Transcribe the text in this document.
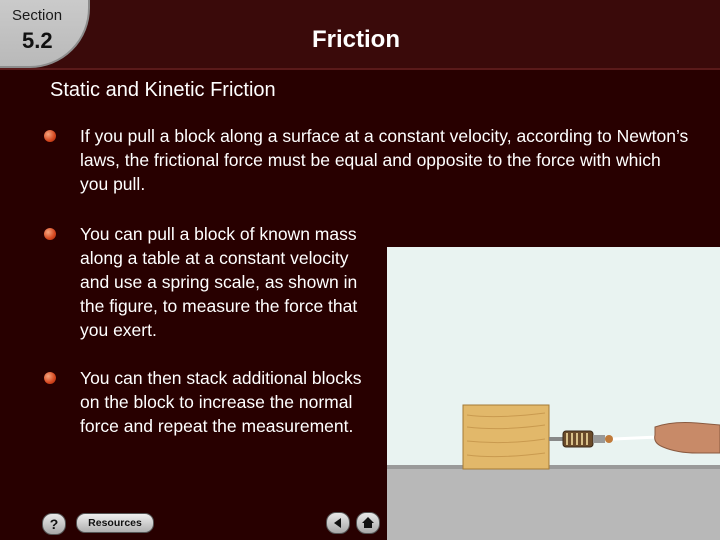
Section
5.2	Friction
Static and Kinetic Friction
If you pull a block along a surface at a constant velocity, according to Newton’s laws, the frictional force must be equal and opposite to the force with which you pull.
You can pull a block of known mass along a table at a constant velocity and use a spring scale, as shown in the figure, to measure the force that you exert.
You can then stack additional blocks on the block to increase the normal force and repeat the measurement.
?	Resources
